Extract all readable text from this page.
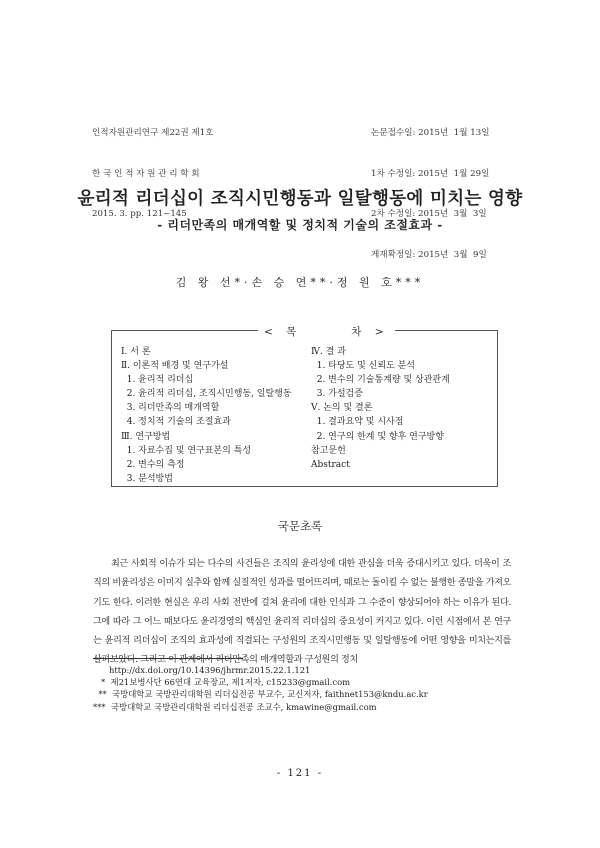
인적자원관리연구 제22권 제1호

한 국 인 적 자 원 관 리 학 회

2015. 3. pp. 121~145

논문접수일: 2015년  1월 13일

1차 수정일: 2015년  1월 29일

2차 수정일: 2015년  3월  3일

게재확정일: 2015년  3월  9일

윤리적 리더십이 조직시민행동과 일탈행동에 미치는 영향
- 리더만족의 매개역할 및 정치적 기술의 조절효과 -
김 왕 선*·손 승 연**·정 원 호***
< 목      차 >
Ⅰ. 서 론
Ⅱ. 이론적 배경 및 연구가설
1. 윤리적 리더십
2. 윤리적 리더십, 조직시민행동, 일탈행동
3. 리더만족의 매개역할
4. 정치적 기술의 조절효과
Ⅲ. 연구방법
1. 자료수집 및 연구표본의 특성
2. 변수의 측정
3. 분석방법
Ⅳ. 결 과
1. 타당도 및 신뢰도 분석
2. 변수의 기술통계량 및 상관관계
3. 가설검증
Ⅴ. 논의 및 결론
1. 결과요약 및 시사점
2. 연구의 한계 및 향후 연구방향
참고문헌
Abstract
국문초록

최근 사회적 이슈가 되는 다수의 사건들은 조직의 윤리성에 대한 관심을 더욱 증대시키고 있다. 더욱이 조직의 비윤리성은 이미지 실추와 함께 실질적인 성과를 떨어뜨리며, 때로는 돌이킬 수 없는 불행한 종말을 가져오기도 한다. 이러한 현실은 우리 사회 전반에 걸쳐 윤리에 대한 인식과 그 수준이 향상되어야 하는 이유가 된다. 그에 따라 그 어느 때보다도 윤리경영의 핵심인 윤리적 리더십의 중요성이 커지고 있다. 이런 시점에서 본 연구는 윤리적 리더십이 조직의 효과성에 직결되는 구성원의 조직시민행동 및 일탈행동에 어떤 영향을 미치는지를 살펴보았다. 그리고 이 관계에서 리더만족의 매개역할과 구성원의 정치

http://dx.doi.org/10.14396/jhrmr.2015.22.1.121
*  제21보병사단 66연대 교육장교, 제1저자, c15233@gmail.com
**  국방대학교 국방관리대학원 리더십전공 부교수, 교신저자, faithnet153@kndu.ac.kr
***  국방대학교 국방관리대학원 리더십전공 조교수, kmawine@gmail.com
- 121 -
